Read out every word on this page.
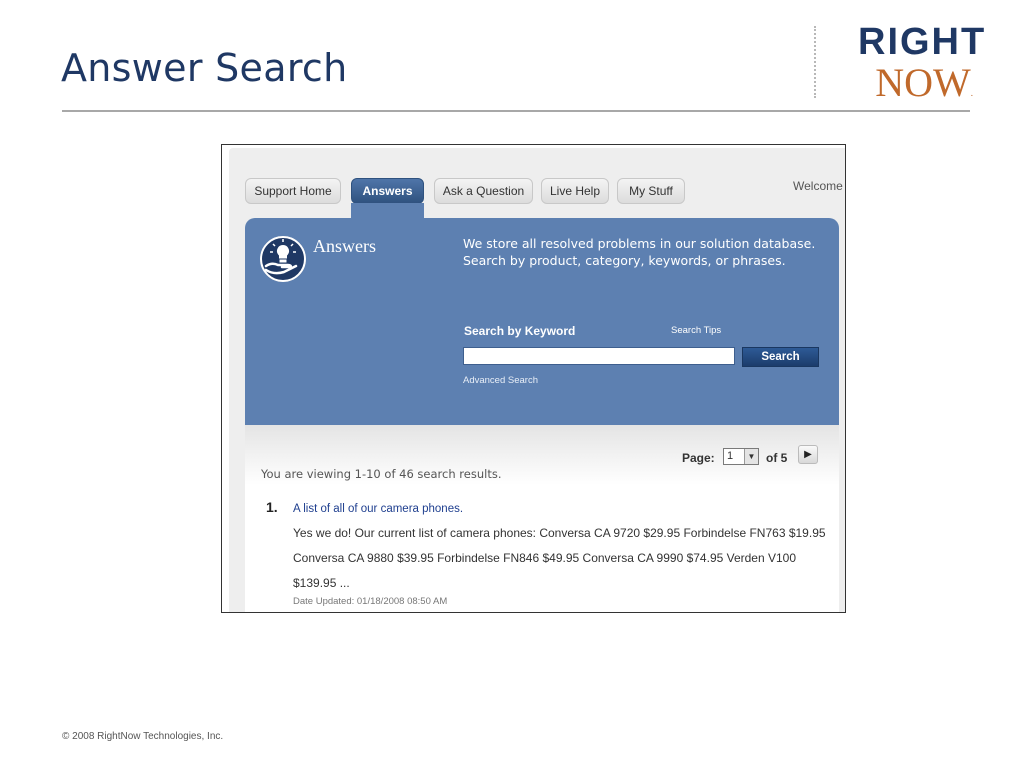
Answer Search
RIGHT
NOW.
Support Home	Answers	Ask a Question	Live Help	My Stuff	Welcome
Answers	We store all resolved problems in our solution database. Search by product, category, keywords, or phrases.
Search by Keyword	Search Tips
Search
Advanced Search
Page:	1	▼ of 5	▶
You are viewing 1-10 of 46 search results.
1. A list of all of our camera phones.
Yes we do! Our current list of camera phones: Conversa CA 9720 $29.95 Forbindelse FN763 $19.95 Conversa CA 9880 $39.95 Forbindelse FN846 $49.95 Conversa CA 9990 $74.95 Verden V100 $139.95 ...
Date Updated: 01/18/2008 08:50 AM
© 2008 RightNow Technologies, Inc.
